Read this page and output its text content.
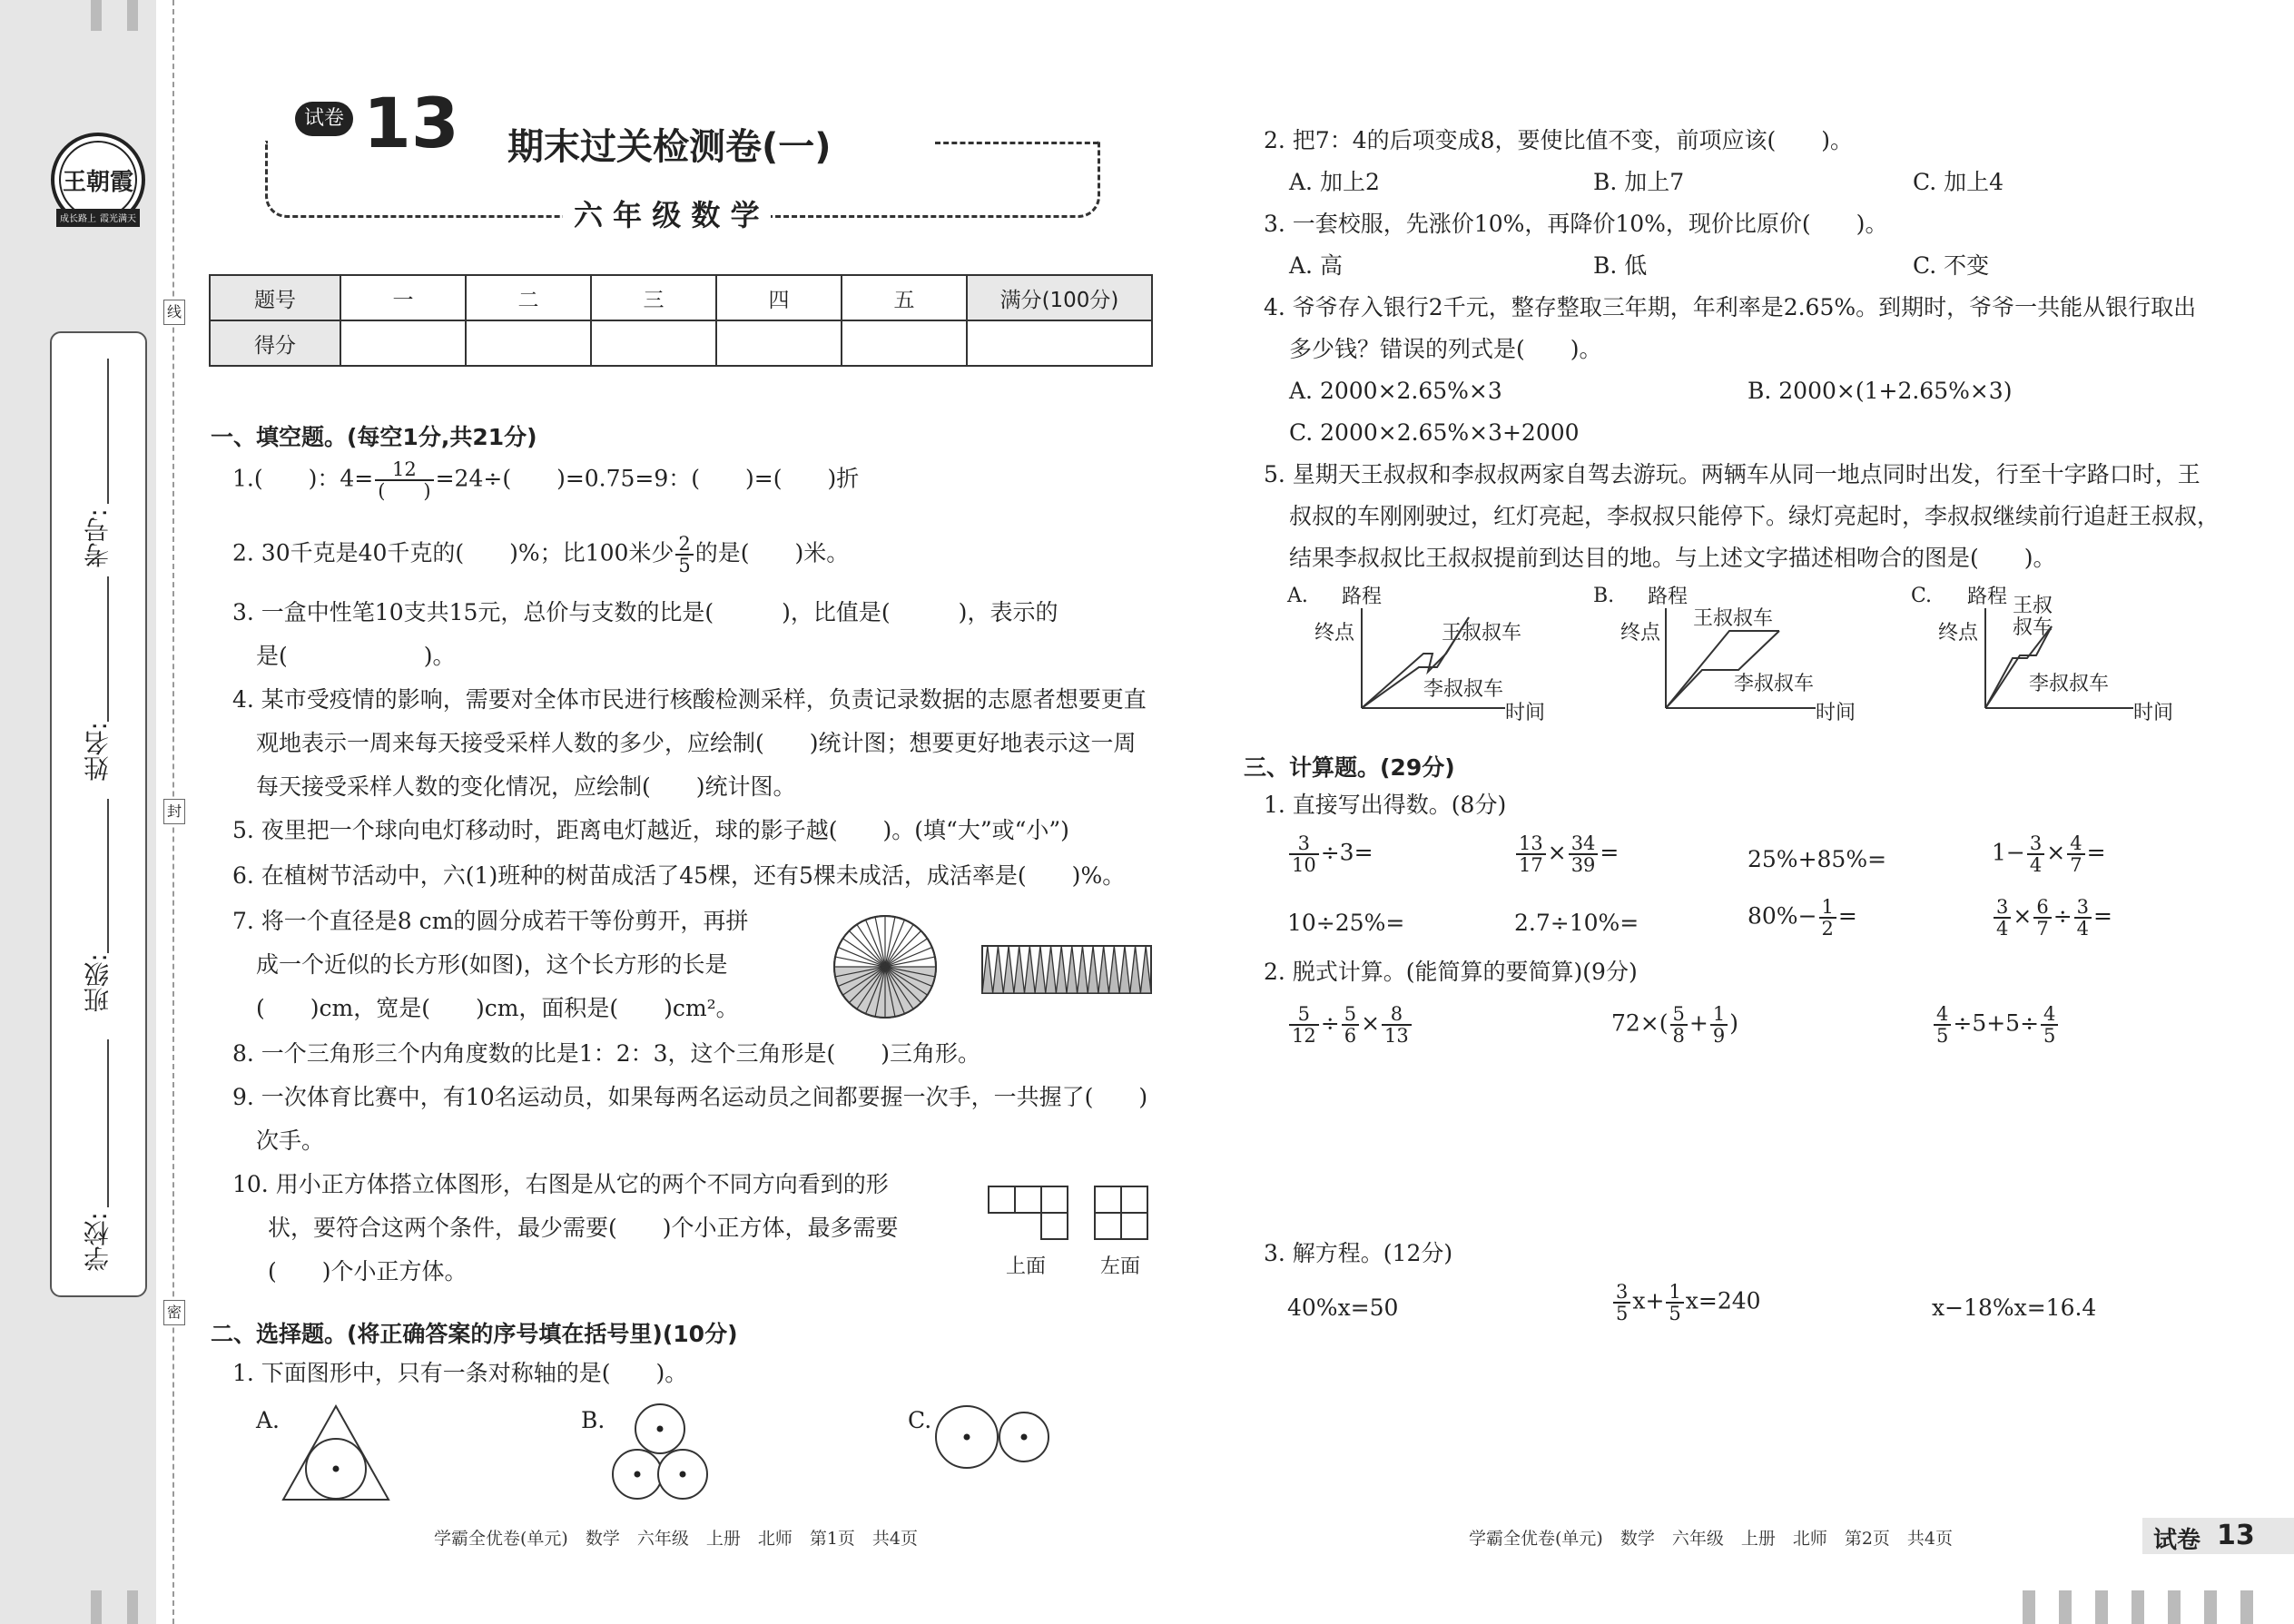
王朝霞
成长路上 霞光满天
考号:
姓名:
班级:
学校:
线
封
密
试卷 13 期末过关检测卷(一)
六 年 级 数 学
题号	一	二	三	四	五	满分(100分)
得分						
一、填空题。(每空1分,共21分)
1.(　　)：$4= \frac{12}{( )} =24\div$(　　)=0.75=9：(　　)=(　　)折
2. 30千克是40千克的(　　)%；比100米少 $\frac{2}{5}$ 的是(　　)米。
3. 一盒中性笔10支共15元，总价与支数的比是(　　　)，比值是(　　　)，表示的
是(　　　　　　)。
4. 某市受疫情的影响，需要对全体市民进行核酸检测采样，负责记录数据的志愿者想要更直
观地表示一周来每天接受采样人数的多少，应绘制(　　)统计图；想要更好地表示这一周
每天接受采样人数的变化情况，应绘制(　　)统计图。
5. 夜里把一个球向电灯移动时，距离电灯越近，球的影子越(　　)。(填“大”或“小”)
6. 在植树节活动中，六(1)班种的树苗成活了45棵，还有5棵未成活，成活率是(　　)%。
7. 将一个直径是8 cm的圆分成若干等份剪开，再拼
成一个近似的长方形(如图)，这个长方形的长是
(　　)cm，宽是(　　)cm，面积是(　　)cm²。
8. 一个三角形三个内角度数的比是1：2：3，这个三角形是(　　)三角形。
9. 一次体育比赛中，有10名运动员，如果每两名运动员之间都要握一次手，一共握了(　　)
次手。
10. 用小正方体搭立体图形，右图是从它的两个不同方向看到的形
状，要符合这两个条件，最少需要(　　)个小正方体，最多需要
(　　)个小正方体。	上面	左面
二、选择题。(将正确答案的序号填在括号里)(10分)
1. 下面图形中，只有一条对称轴的是(　　)。
A.	B.	C.
2. 把7：4的后项变成8，要使比值不变，前项应该(　　)。
A. 加上2	B. 加上7	C. 加上4
3. 一套校服，先涨价10%，再降价10%，现价比原价(　　)。
A. 高	B. 低	C. 不变
4. 爷爷存入银行2千元，整存整取三年期，年利率是2.65%。到期时，爷爷一共能从银行取出
多少钱？错误的列式是(　　)。
A. 2000×2.65%×3	B. 2000×(1+2.65%×3)
C. 2000×2.65%×3+2000
5. 星期天王叔叔和李叔叔两家自驾去游玩。两辆车从同一地点同时出发，行至十字路口时，王
叔叔的车刚刚驶过，红灯亮起，李叔叔只能停下。绿灯亮起时，李叔叔继续前行追赶王叔叔，
结果李叔叔比王叔叔提前到达目的地。与上述文字描述相吻合的图是(　　)。
A. 路程
终点	王叔叔车
李叔叔车
时间
B. 路程
终点
王叔叔车
李叔叔车
时间
C. 路程
终点
王叔
叔车
李叔叔车
时间
三、计算题。(29分)
1. 直接写出得数。(8分)
$\frac{3}{10} \div 3=$	$\frac{13}{17} \times \frac{34}{39}$ =	25%+85%=	$1- \frac{3}{4} \times \frac{4}{7}$ =
10÷25%=	2.7÷10%=	$80\%- \frac{1}{2}$ =	$\frac{3}{4} \times \frac{6}{7} \div \frac{3}{4}$ =
2. 脱式计算。(能简算的要简算)(9分)
$\frac{5}{12} \div \frac{5}{6} \times \frac{8}{13}$	$72\times( \frac{5}{8} + \frac{1}{9}$ )	$\frac{4}{5} \div 5+5\div \frac{4}{5}$
3. 解方程。(12分)
40%x=50	$\frac{3}{5} x+ \frac{1}{5} x=240$	x−18%x=16.4
学霸全优卷(单元)　数学　六年级　上册　北师　第1页　共4页	学霸全优卷(单元)　数学　六年级　上册　北师　第2页　共4页	试卷 13
